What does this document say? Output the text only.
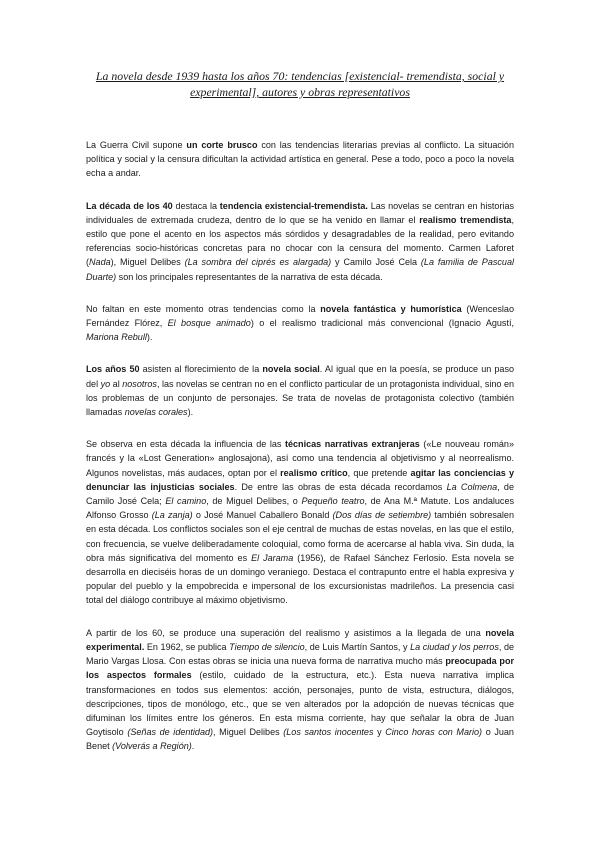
La novela desde 1939 hasta los años 70: tendencias [existencial- tremendista, social y experimental], autores y obras representativos

La Guerra Civil supone un corte brusco con las tendencias literarias previas al conflicto. La situación política y social y la censura dificultan la actividad artística en general. Pese a todo, poco a poco la novela echa a andar.

La década de los 40 destaca la tendencia existencial-tremendista. Las novelas se centran en historias individuales de extremada crudeza, dentro de lo que se ha venido en llamar el realismo tremendista, estilo que pone el acento en los aspectos más sórdidos y desagradables de la realidad, pero evitando referencias socio-históricas concretas para no chocar con la censura del momento. Carmen Laforet (Nada), Miguel Delibes (La sombra del ciprés es alargada) y Camilo José Cela (La familia de Pascual Duarte) son los principales representantes de la narrativa de esta década.

No faltan en este momento otras tendencias como la novela fantástica y humorística (Wenceslao Fernández Flórez, El bosque animado) o el realismo tradicional más convencional (Ignacio Agustí, Mariona Rebull).

Los años 50 asisten al florecimiento de la novela social. Al igual que en la poesía, se produce un paso del yo al nosotros, las novelas se centran no en el conflicto particular de un protagonista individual, sino en los problemas de un conjunto de personajes. Se trata de novelas de protagonista colectivo (también llamadas novelas corales).

Se observa en esta década la influencia de las técnicas narrativas extranjeras («Le nouveau román» francés y la «Lost Generation» anglosajona), así como una tendencia al objetivismo y al neorrealismo. Algunos novelistas, más audaces, optan por el realismo crítico, que pretende agitar las conciencias y denunciar las injusticias sociales. De entre las obras de esta década recordamos La Colmena, de Camilo José Cela; El camino, de Miguel Delibes, o Pequeño teatro, de Ana M.ª Matute. Los andaluces Alfonso Grosso (La zanja) o José Manuel Caballero Bonald (Dos días de setiembre) también sobresalen en esta década. Los conflictos sociales son el eje central de muchas de estas novelas, en las que el estilo, con frecuencia, se vuelve deliberadamente coloquial, como forma de acercarse al habla viva. Sin duda, la obra más significativa del momento es El Jarama (1956), de Rafael Sánchez Ferlosio. Esta novela se desarrolla en dieciséis horas de un domingo veraniego. Destaca el contrapunto entre el habla expresiva y popular del pueblo y la empobrecida e impersonal de los excursionistas madrileños. La presencia casi total del diálogo contribuye al máximo objetivismo.

A partir de los 60, se produce una superación del realismo y asistimos a la llegada de una novela experimental. En 1962, se publica Tiempo de silencio, de Luis Martín Santos, y La ciudad y los perros, de Mario Vargas Llosa. Con estas obras se inicia una nueva forma de narrativa mucho más preocupada por los aspectos formales (estilo, cuidado de la estructura, etc.). Esta nueva narrativa implica transformaciones en todos sus elementos: acción, personajes, punto de vista, estructura, diálogos, descripciones, tipos de monólogo, etc., que se ven alterados por la adopción de nuevas técnicas que difuminan los límites entre los géneros. En esta misma corriente, hay que señalar la obra de Juan Goytisolo (Señas de identidad), Miguel Delibes (Los santos inocentes y Cinco horas con Mario) o Juan Benet (Volverás a Región).
